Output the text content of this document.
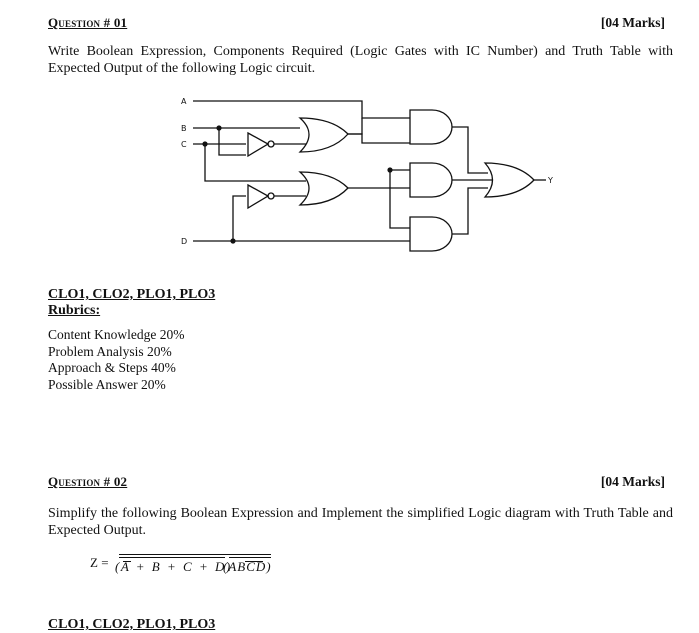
Question # 01	[04 Marks]
Write Boolean Expression, Components Required (Logic Gates with IC Number) and Truth Table with Expected Output of the following Logic circuit.
A
B
C
D
Y
CLO1, CLO2, PLO1, PLO3
Rubrics:
Content Knowledge 20%
Problem Analysis 20%
Approach & Steps 40%
Possible Answer 20%
Question # 02	[04 Marks]
Simplify the following Boolean Expression and Implement the simplified Logic diagram with Truth Table and Expected Output.
Z = (A + B + C + D)
(ABCD)
CLO1, CLO2, PLO1, PLO3
